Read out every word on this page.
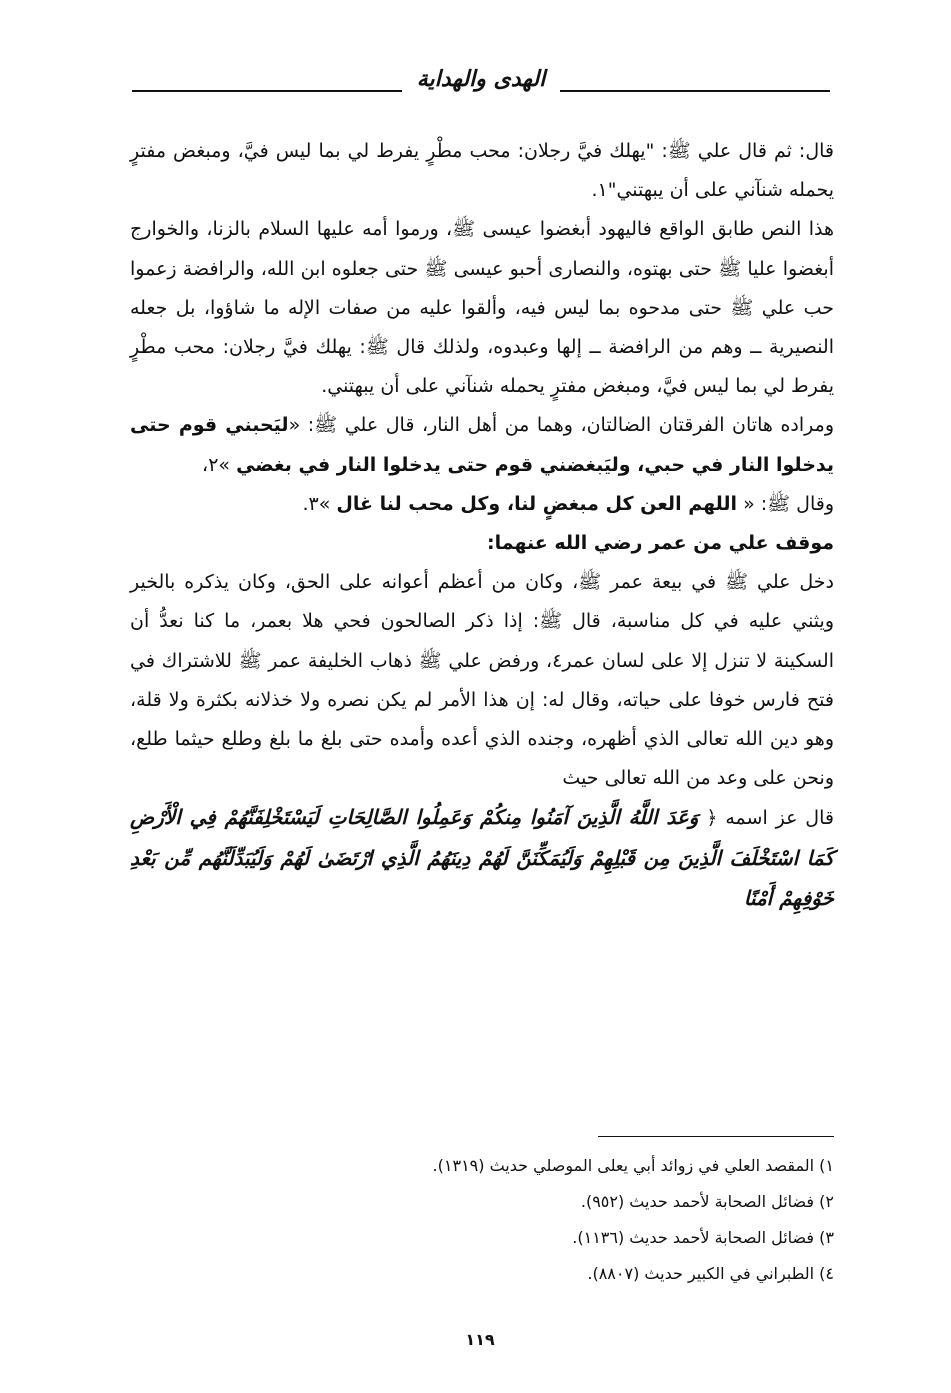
الهدى والهداية

قال: ثم قال علي ﷺ: "يهلك فيَّ رجلان: محب مطْرٍ يفرط لي بما ليس فيَّ، ومبغض مفترٍ يحمله شنآني على أن يبهتني"١.

هذا النص طابق الواقع فاليهود أبغضوا عيسى ﷺ، ورموا أمه عليها السلام بالزنا، والخوارج أبغضوا عليا ﷺ حتى بهتوه، والنصارى أحبو عيسى ﷺ حتى جعلوه ابن الله، والرافضة زعموا حب علي ﷺ حتى مدحوه بما ليس فيه، وألقوا عليه من صفات الإله ما شاؤوا، بل جعله النصيرية ــ وهم من الرافضة ــ إلها وعبدوه، ولذلك قال ﷺ: يهلك فيَّ رجلان: محب مطْرٍ يفرط لي بما ليس فيَّ، ومبغض مفترٍ يحمله شنآني على أن يبهتني.

ومراده هاتان الفرقتان الضالتان، وهما من أهل النار، قال علي ﷺ: «ليَحبني قوم حتى يدخلوا النار في حبي، وليَبغضني قوم حتى يدخلوا النار في بغضي »٢،

وقال ﷺ: « اللهم العن كل مبغضٍ لنا، وكل محب لنا غال »٣.

موقف علي من عمر رضي الله عنهما:

دخل علي ﷺ في بيعة عمر ﷺ، وكان من أعظم أعوانه على الحق، وكان يذكره بالخير ويثني عليه في كل مناسبة، قال ﷺ: إذا ذكر الصالحون فحي هلا بعمر، ما كنا نعدُّ أن السكينة لا تنزل إلا على لسان عمر٤، ورفض علي ﷺ ذهاب الخليفة عمر ﷺ للاشتراك في فتح فارس خوفا على حياته، وقال له: إن هذا الأمر لم يكن نصره ولا خذلانه بكثرة ولا قلة، وهو دين الله تعالى الذي أظهره، وجنده الذي أعده وأمده حتى بلغ ما بلغ وطلع حيثما طلع، ونحن على وعد من الله تعالى حيث

قال عز اسمه ﴿ وَعَدَ اللَّهُ الَّذِينَ آمَنُوا مِنكُمْ وَعَمِلُوا الصَّالِحَاتِ لَيَسْتَخْلِفَنَّهُمْ فِي الْأَرْضِ كَمَا اسْتَخْلَفَ الَّذِينَ مِن قَبْلِهِمْ وَلَيُمَكِّنَنَّ لَهُمْ دِينَهُمُ الَّذِي ارْتَضَىٰ لَهُمْ وَلَيُبَدِّلَنَّهُم مِّن بَعْدِ خَوْفِهِمْ أَمْنًا

١) المقصد العلي في زوائد أبي يعلى الموصلي حديث (١٣١٩).
٢) فضائل الصحابة لأحمد حديث (٩٥٢).
٣) فضائل الصحابة لأحمد حديث (١١٣٦).
٤) الطبراني في الكبير حديث (٨٨٠٧).
١١٩
